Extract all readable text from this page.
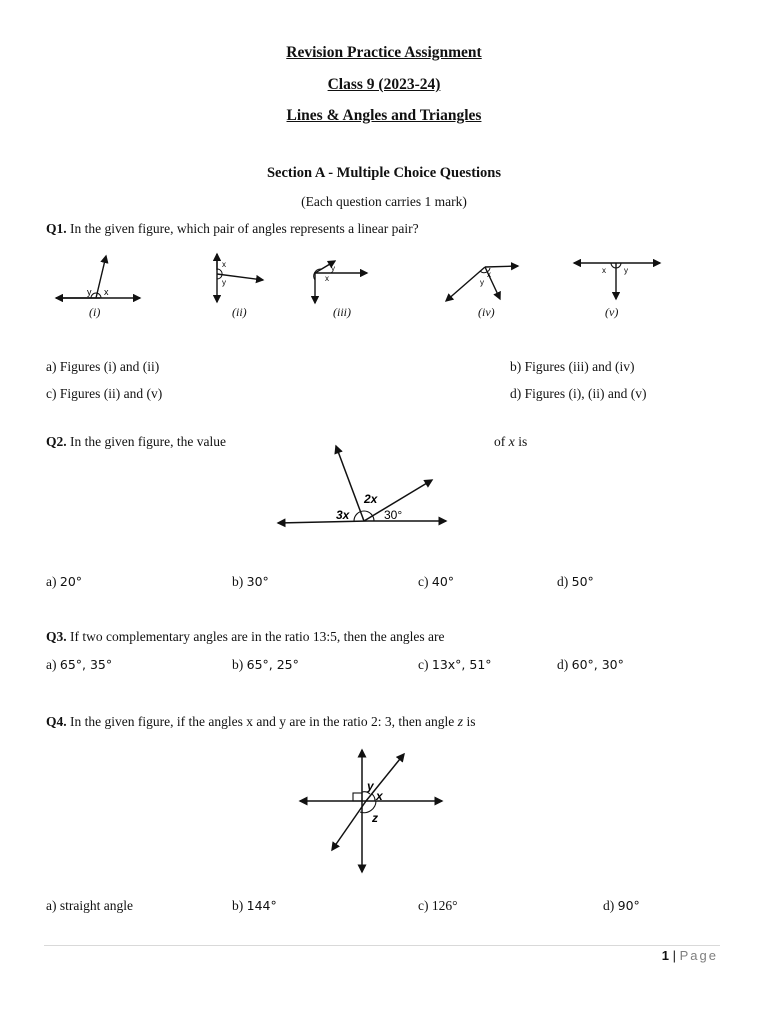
Revision Practice Assignment
Class 9 (2023-24)
Lines & Angles and Triangles
Section A - Multiple Choice Questions
(Each question carries 1 mark)
Q1. In the given figure, which pair of angles represents a linear pair?
y x
(i)
x
y
(ii)
y
x
(iii)
x
y
(iv)
x y
(v)
a) Figures (i) and (ii)	b) Figures (iii) and (iv)
c) Figures (ii) and (v)	d) Figures (i), (ii) and (v)
Q2. In the given figure, the value	of x is
3x
2x
30°
a) 20°	b) 30°	c) 40°	d) 50°
Q3. If two complementary angles are in the ratio 13:5, then the angles are
a) 65°, 35°	b) 65°, 25°	c) 13x°, 51°	d) 60°, 30°
Q4. In the given figure, if the angles x and y are in the ratio 2: 3, then angle z is
y
x
z
a) straight angle	b) 144°	c) 126°	d) 90°
1 | Page
